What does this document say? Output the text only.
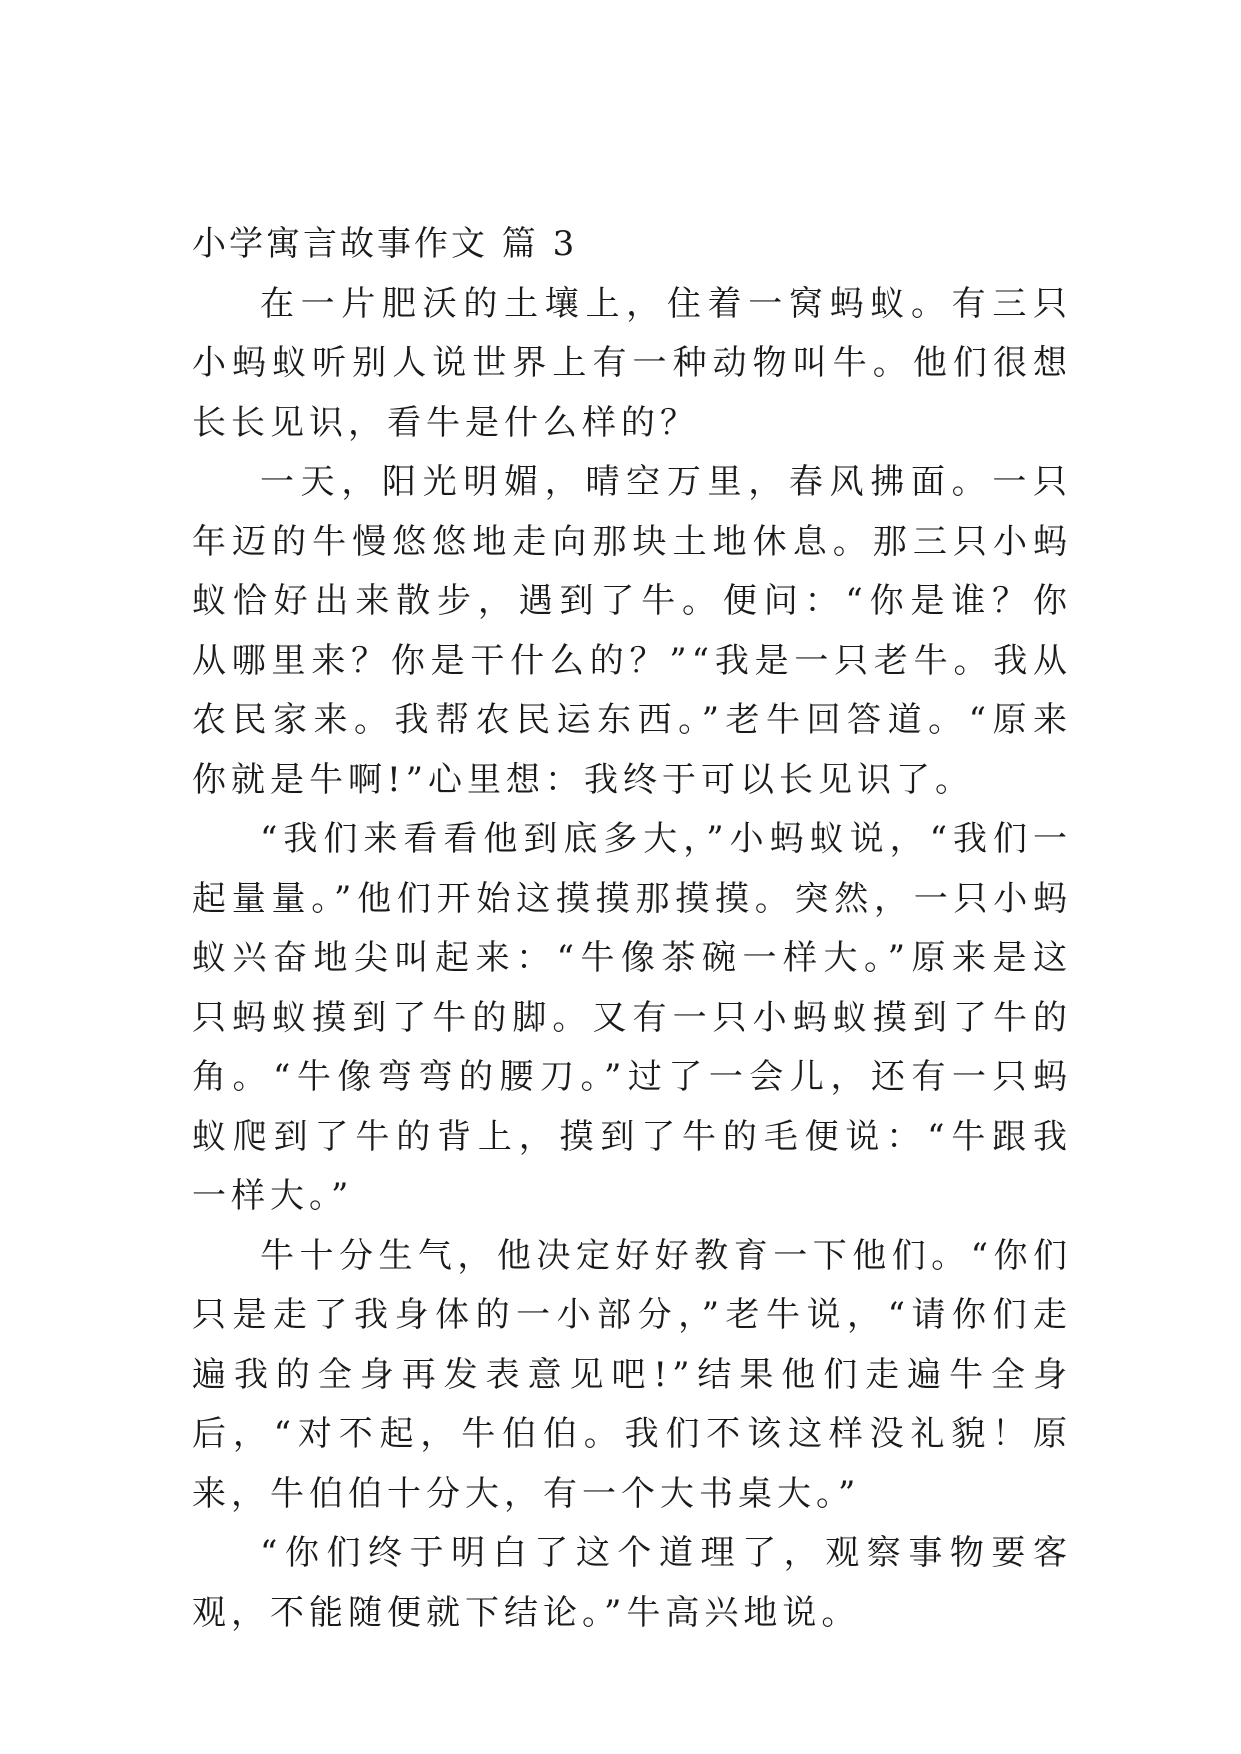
小学寓言故事作文 篇 3

在一片肥沃的土壤上，住着一窝蚂蚁。有三只小蚂蚁听别人说世界上有一种动物叫牛。他们很想长长见识，看牛是什么样的？

一天，阳光明媚，晴空万里，春风拂面。一只年迈的牛慢悠悠地走向那块土地休息。那三只小蚂蚁恰好出来散步，遇到了牛。便问：“你是谁？你从哪里来？你是干什么的？”“我是一只老牛。我从农民家来。我帮农民运东西。”老牛回答道。“原来你就是牛啊!”心里想：我终于可以长见识了。

“我们来看看他到底多大，”小蚂蚁说，“我们一起量量。”他们开始这摸摸那摸摸。突然，一只小蚂蚁兴奋地尖叫起来：“牛像茶碗一样大。”原来是这只蚂蚁摸到了牛的脚。又有一只小蚂蚁摸到了牛的角。“牛像弯弯的腰刀。”过了一会儿，还有一只蚂蚁爬到了牛的背上，摸到了牛的毛便说：“牛跟我一样大。”

牛十分生气，他决定好好教育一下他们。“你们只是走了我身体的一小部分，”老牛说，“请你们走遍我的全身再发表意见吧!”结果他们走遍牛全身后，“对不起，牛伯伯。我们不该这样没礼貌！原来，牛伯伯十分大，有一个大书桌大。”

“你们终于明白了这个道理了，观察事物要客观，不能随便就下结论。”牛高兴地说。
